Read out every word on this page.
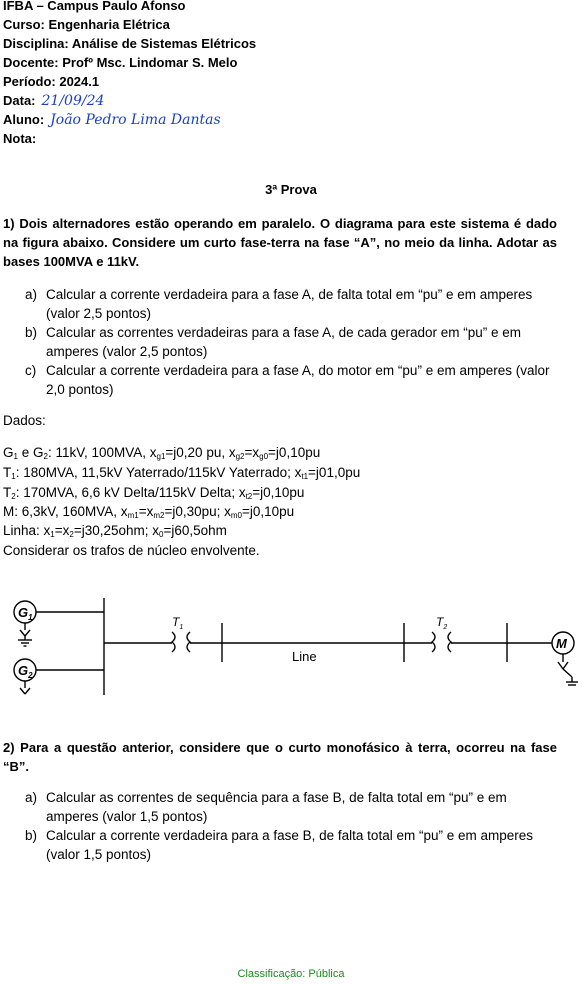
IFBA – Campus Paulo Afonso
Curso: Engenharia Elétrica
Disciplina: Análise de Sistemas Elétricos
Docente: Profº Msc. Lindomar S. Melo
Período: 2024.1
Data: 21/09/24
Aluno: João Pedro Lima Dantas
Nota:
3ª Prova
1) Dois alternadores estão operando em paralelo. O diagrama para este sistema é dado na figura abaixo. Considere um curto fase-terra na fase “A”, no meio da linha. Adotar as bases 100MVA e 11kV.
a) Calcular a corrente verdadeira para a fase A, de falta total em “pu” e em amperes (valor 2,5 pontos)
b) Calcular as correntes verdadeiras para a fase A, de cada gerador em “pu” e em amperes (valor 2,5 pontos)
c) Calcular a corrente verdadeira para a fase A, do motor em “pu” e em amperes (valor 2,0 pontos)
Dados:
$G_1$ e $G_2$: 11kV, 100MVA, $x_{g1}=j0,20$ pu, $x_{g2}=x_{g0}=j0,10pu$
$T_1$: 180MVA, 11,5kV Yaterrado/115kV Yaterrado; $x_{t1}=j01,0pu$
$T_2$: 170MVA, 6,6 kV Delta/115kV Delta; $x_{t2}=j0,10pu$
M: 6,3kV, 160MVA, $x_{m1}=x_{m2}=j0,30pu$; $x_{m0}=j0,10pu$
Linha: $x_1=x_2=j30,25ohm$; $x_0=j60,5ohm$
Considerar os trafos de núcleo envolvente.
$G_1$
$G_2$
M
$T_1$	$T_2$
Line
2) Para a questão anterior, considere que o curto monofásico à terra, ocorreu na fase “B”.
a) Calcular as correntes de sequência para a fase B, de falta total em “pu” e em amperes (valor 1,5 pontos)
b) Calcular a corrente verdadeira para a fase B, de falta total em “pu” e em amperes (valor 1,5 pontos)
Classificação: Pública
